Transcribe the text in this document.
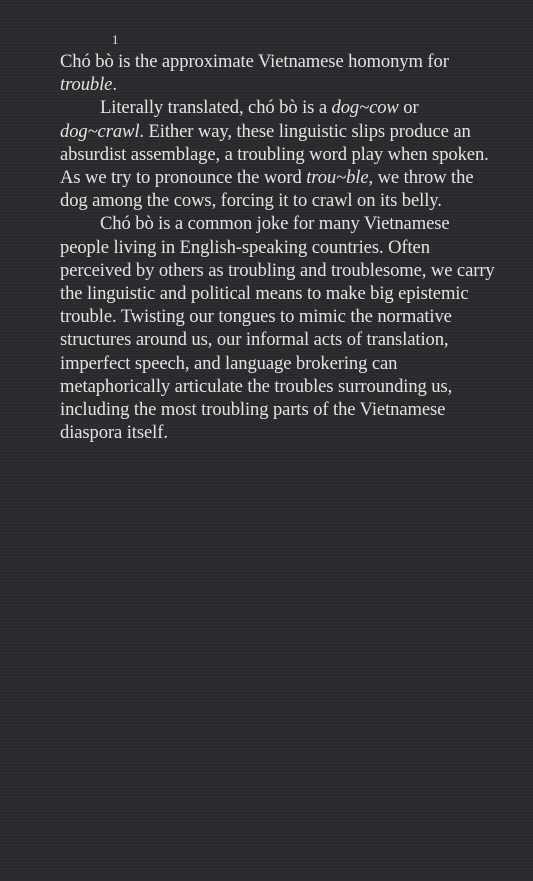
1

Chó bò is the approximate Vietnamese homonym for trouble.

Literally translated, chó bò is a dog~cow or dog~crawl. Either way, these linguistic slips produce an absurdist assemblage, a troubling word play when spoken. As we try to pronounce the word trou~ble, we throw the dog among the cows, forcing it to crawl on its belly.

Chó bò is a common joke for many Vietnamese people living in English-speaking countries. Often perceived by others as troubling and troublesome, we carry the linguistic and political means to make big epistemic trouble. Twisting our tongues to mimic the normative structures around us, our informal acts of translation, imperfect speech, and language brokering can metaphorically articulate the troubles surrounding us, including the most troubling parts of the Vietnamese diaspora itself.
